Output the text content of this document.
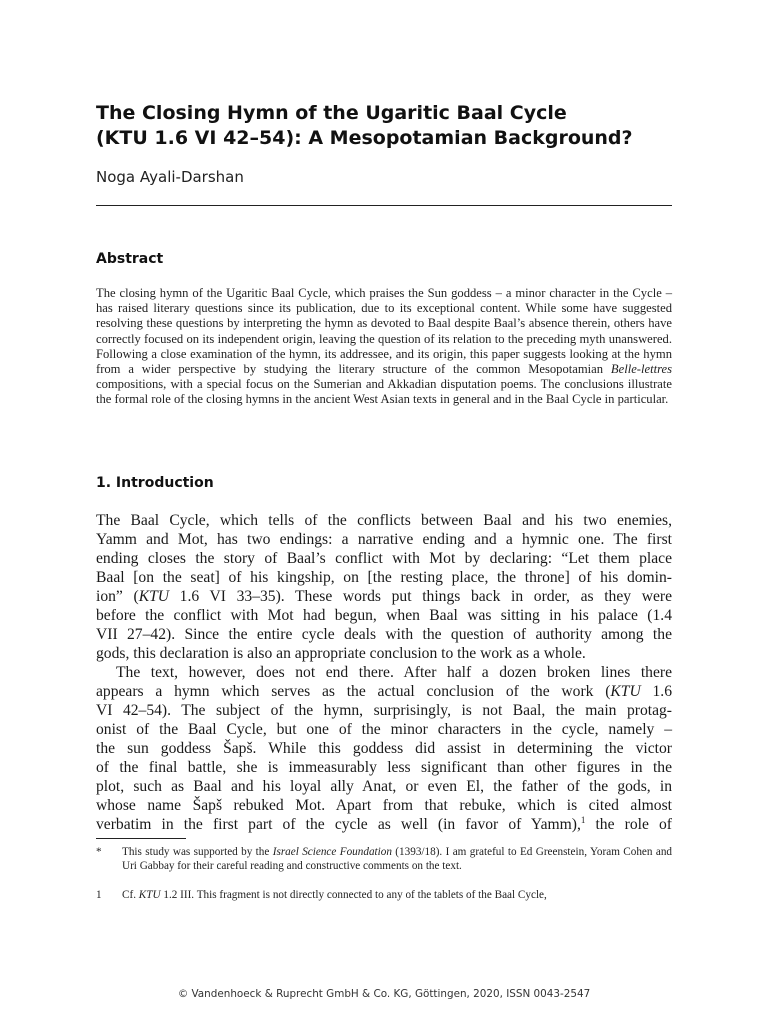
The Closing Hymn of the Ugaritic Baal Cycle
(KTU 1.6 VI 42–54): A Mesopotamian Background?
Noga Ayali-Darshan
Abstract
The closing hymn of the Ugaritic Baal Cycle, which praises the Sun goddess – a minor character in the Cycle – has raised literary questions since its publication, due to its exceptional content. While some have suggested resolving these questions by interpreting the hymn as devoted to Baal despite Baal’s absence therein, others have correctly focused on its independent origin, leaving the question of its relation to the preceding myth unanswered. Following a close examination of the hymn, its addressee, and its origin, this paper suggests looking at the hymn from a wider perspective by studying the literary structure of the common Mesopotamian Belle-lettres compositions, with a special focus on the Sumerian and Akkadian disputation poems. The conclusions illustrate the formal role of the closing hymns in the ancient West Asian texts in general and in the Baal Cycle in particular.
1. Introduction
The Baal Cycle, which tells of the conflicts between Baal and his two enemies,
Yamm and Mot, has two endings: a narrative ending and a hymnic one. The first
ending closes the story of Baal’s conflict with Mot by declaring: “Let them place
Baal [on the seat] of his kingship, on [the resting place, the throne] of his domin-
ion” (KTU 1.6 VI 33–35). These words put things back in order, as they were
before the conflict with Mot had begun, when Baal was sitting in his palace (1.4
VII 27–42). Since the entire cycle deals with the question of authority among the
gods, this declaration is also an appropriate conclusion to the work as a whole.
The text, however, does not end there. After half a dozen broken lines there
appears a hymn which serves as the actual conclusion of the work (KTU 1.6
VI 42–54). The subject of the hymn, surprisingly, is not Baal, the main protag-
onist of the Baal Cycle, but one of the minor characters in the cycle, namely –
the sun goddess Šapš. While this goddess did assist in determining the victor
of the final battle, she is immeasurably less significant than other figures in the
plot, such as Baal and his loyal ally Anat, or even El, the father of the gods, in
whose name Šapš rebuked Mot. Apart from that rebuke, which is cited almost
verbatim in the first part of the cycle as well (in favor of Yamm),$^1$ the role of
* This study was supported by the Israel Science Foundation (1393/18). I am grateful to Ed Greenstein, Yoram Cohen and Uri Gabbay for their careful reading and constructive comments on the text.
1 Cf. KTU 1.2 III. This fragment is not directly connected to any of the tablets of the Baal Cycle,
© Vandenhoeck & Ruprecht GmbH & Co. KG, Göttingen, 2020, ISSN 0043-2547
